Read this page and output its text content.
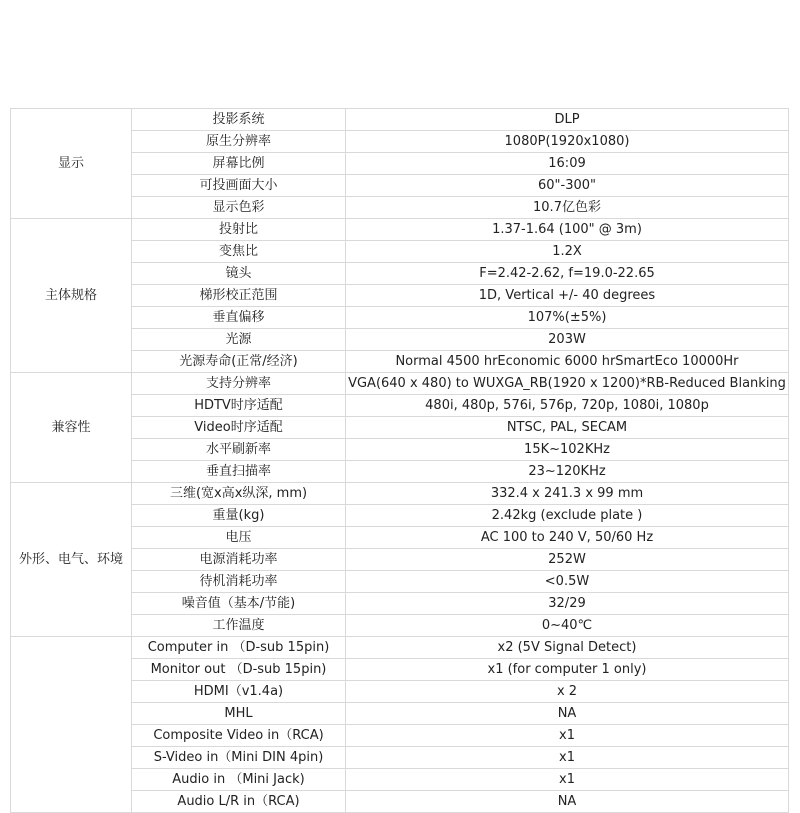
显示	投影系统	DLP
	原生分辨率	1080P(1920x1080)
	屏幕比例	16:09
	可投画面大小	60"-300"
	显示色彩	10.7亿色彩
主体规格	投射比	1.37-1.64 (100" @ 3m)
	变焦比	1.2X
	镜头	F=2.42-2.62, f=19.0-22.65
	梯形校正范围	1D, Vertical +/- 40 degrees
	垂直偏移	107%(±5%)
	光源	203W
	光源寿命(正常/经济)	Normal 4500 hrEconomic 6000 hrSmartEco 10000Hr
兼容性	支持分辨率	VGA(640 x 480) to WUXGA_RB(1920 x 1200)*RB-Reduced Blanking
	HDTV时序适配	480i, 480p, 576i, 576p, 720p, 1080i, 1080p
	Video时序适配	NTSC, PAL, SECAM
	水平刷新率	15K~102KHz
	垂直扫描率	23~120KHz
外形、电气、环境	三维(宽x高x纵深, mm)	332.4 x 241.3 x 99 mm
	重量(kg)	2.42kg (exclude plate )
	电压	AC 100 to 240 V, 50/60 Hz
	电源消耗功率	252W
	待机消耗功率	<0.5W
	噪音值（基本/节能)	32/29
	工作温度	0~40℃
	Computer in （D-sub 15pin)	x2 (5V Signal Detect)
	Monitor out （D-sub 15pin)	x1 (for computer 1 only)
	HDMI（v1.4a)	x 2
	MHL	NA
	Composite Video in（RCA)	x1
	S-Video in（Mini DIN 4pin)	x1
	Audio in （Mini Jack)	x1
	Audio L/R in（RCA)	NA
